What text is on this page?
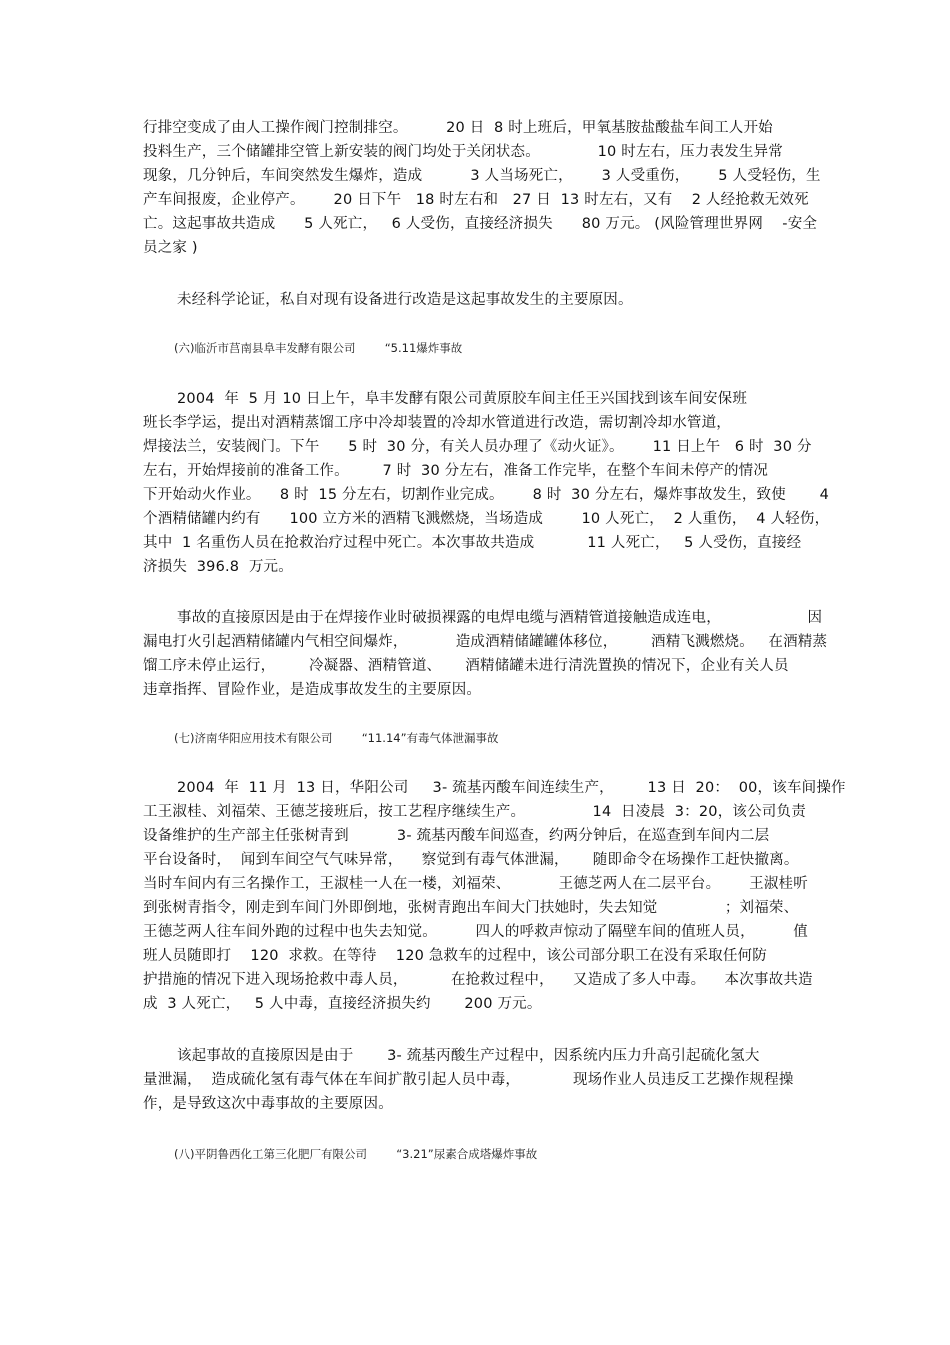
行排空变成了由人工操作阀门控制排空。        20 日  8 时上班后，甲氧基胺盐酸盐车间工人开始
投料生产，三个储罐排空管上新安装的阀门均处于关闭状态。            10 时左右，压力表发生异常
现象，几分钟后，车间突然发生爆炸，造成          3 人当场死亡，      3 人受重伤，      5 人受轻伤，生
产车间报废，企业停产。      20 日下午   18 时左右和   27 日  13 时左右，又有    2 人经抢救无效死
亡。这起事故共造成      5 人死亡，   6 人受伤，直接经济损失      80 万元。 (风险管理世界网    -安全
员之家 )
未经科学论证，私自对现有设备进行改造是这起事故发生的主要原因。
(六)临沂市莒南县阜丰发酵有限公司        “5.11爆炸事故
2004  年  5 月 10 日上午，阜丰发酵有限公司黄原胶车间主任王兴国找到该车间安保班
班长李学运，提出对酒精蒸馏工序中冷却装置的冷却水管道进行改造，需切割冷却水管道，
焊接法兰，安装阀门。下午      5 时  30 分，有关人员办理了《动火证》。      11 日上午   6 时  30 分
左右，开始焊接前的准备工作。       7 时  30 分左右，准备工作完毕，在整个车间未停产的情况
下开始动火作业。    8 时  15 分左右，切割作业完成。      8 时  30 分左右，爆炸事故发生，致使       4
个酒精储罐内约有      100 立方米的酒精飞溅燃烧，当场造成        10 人死亡，  2 人重伤，  4 人轻伤，
其中  1 名重伤人员在抢救治疗过程中死亡。本次事故共造成           11 人死亡，   5 人受伤，直接经
济损失  396.8  万元。
事故的直接原因是由于在焊接作业时破损裸露的电焊电缆与酒精管道接触造成连电，                  因
漏电打火引起酒精储罐内气相空间爆炸，          造成酒精储罐罐体移位，       酒精飞溅燃烧。   在酒精蒸
馏工序未停止运行，       冷凝器、酒精管道、     酒精储罐未进行清洗置换的情况下，企业有关人员
违章指挥、冒险作业，是造成事故发生的主要原因。
(七)济南华阳应用技术有限公司        “11.14”有毒气体泄漏事故
2004  年  11 月  13 日，华阳公司     3- 巯基丙酸车间连续生产，       13 日  20：  00，该车间操作
工王淑桂、刘福荣、王德芝接班后，按工艺程序继续生产。              14  日凌晨  3：20，该公司负责
设备维护的生产部主任张树青到          3- 巯基丙酸车间巡查，约两分钟后，在巡查到车间内二层
平台设备时，  闻到车间空气气味异常，    察觉到有毒气体泄漏，     随即命令在场操作工赶快撤离。
当时车间内有三名操作工，王淑桂一人在一楼，刘福荣、          王德芝两人在二层平台。      王淑桂听
到张树青指令，刚走到车间门外即倒地，张树青跑出车间大门扶她时，失去知觉              ；刘福荣、
王德芝两人往车间外跑的过程中也失去知觉。        四人的呼救声惊动了隔壁车间的值班人员，        值
班人员随即打    120  求救。在等待    120 急救车的过程中，该公司部分职工在没有采取任何防
护措施的情况下进入现场抢救中毒人员，         在抢救过程中，    又造成了多人中毒。    本次事故共造
成  3 人死亡，   5 人中毒，直接经济损失约       200 万元。
该起事故的直接原因是由于       3- 巯基丙酸生产过程中，因系统内压力升高引起硫化氢大
量泄漏，  造成硫化氢有毒气体在车间扩散引起人员中毒，           现场作业人员违反工艺操作规程操
作，是导致这次中毒事故的主要原因。
(八)平阴鲁西化工第三化肥厂有限公司        “3.21”尿素合成塔爆炸事故
